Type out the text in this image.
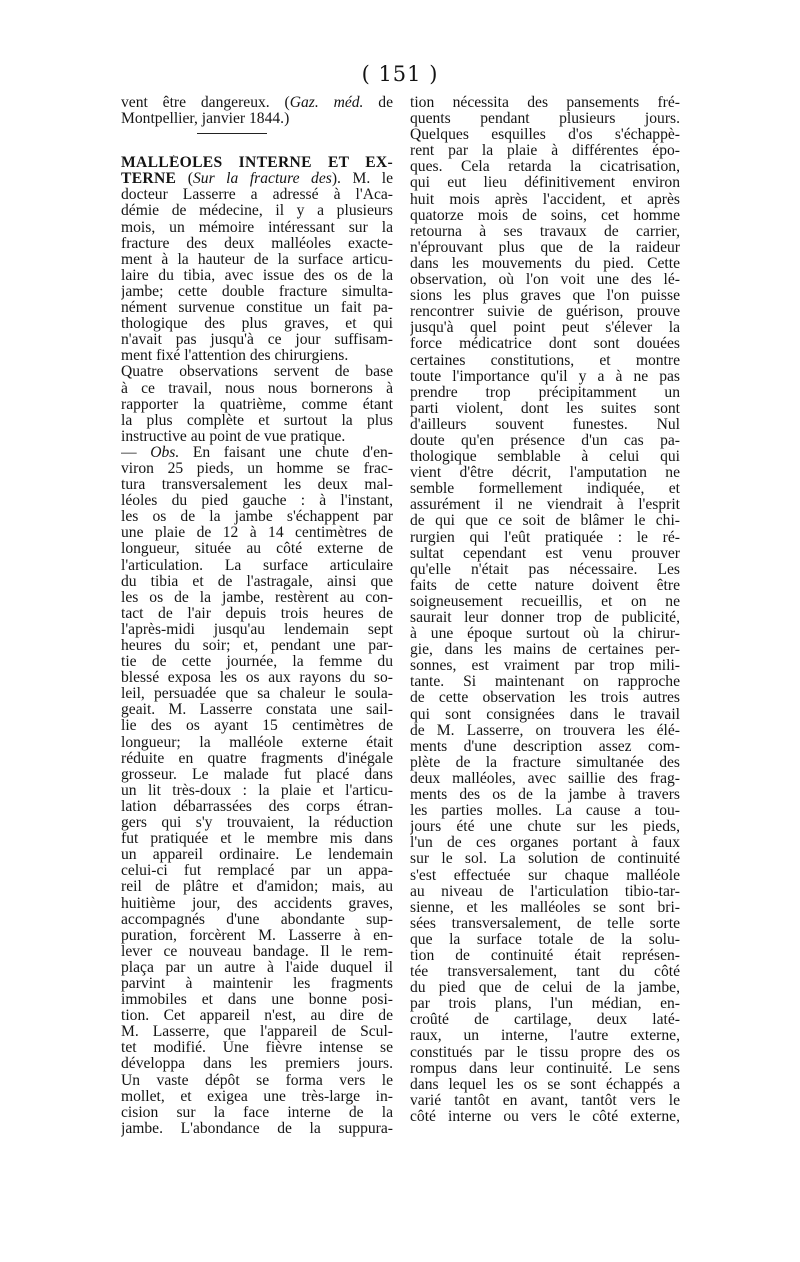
( 151 )
vent être dangereux. (Gaz. méd. de
Montpellier, janvier 1844.)
MALLÉOLES INTERNE ET EX-
TERNE (Sur la fracture des). M. le
docteur Lasserre a adressé à l'Aca-
démie de médecine, il y a plusieurs
mois, un mémoire intéressant sur la
fracture des deux malléoles exacte-
ment à la hauteur de la surface articu-
laire du tibia, avec issue des os de la
jambe; cette double fracture simulta-
nément survenue constitue un fait pa-
thologique des plus graves, et qui
n'avait pas jusqu'à ce jour suffisam-
ment fixé l'attention des chirurgiens.
Quatre observations servent de base
à ce travail, nous nous bornerons à
rapporter la quatrième, comme étant
la plus complète et surtout la plus
instructive au point de vue pratique.
— Obs. En faisant une chute d'en-
viron 25 pieds, un homme se frac-
tura transversalement les deux mal-
léoles du pied gauche : à l'instant,
les os de la jambe s'échappent par
une plaie de 12 à 14 centimètres de
longueur, située au côté externe de
l'articulation. La surface articulaire
du tibia et de l'astragale, ainsi que
les os de la jambe, restèrent au con-
tact de l'air depuis trois heures de
l'après-midi jusqu'au lendemain sept
heures du soir; et, pendant une par-
tie de cette journée, la femme du
blessé exposa les os aux rayons du so-
leil, persuadée que sa chaleur le soula-
geait. M. Lasserre constata une sail-
lie des os ayant 15 centimètres de
longueur; la malléole externe était
réduite en quatre fragments d'inégale
grosseur. Le malade fut placé dans
un lit très-doux : la plaie et l'articu-
lation débarrassées des corps étran-
gers qui s'y trouvaient, la réduction
fut pratiquée et le membre mis dans
un appareil ordinaire. Le lendemain
celui-ci fut remplacé par un appa-
reil de plâtre et d'amidon; mais, au
huitième jour, des accidents graves,
accompagnés d'une abondante sup-
puration, forcèrent M. Lasserre à en-
lever ce nouveau bandage. Il le rem-
plaça par un autre à l'aide duquel il
parvint à maintenir les fragments
immobiles et dans une bonne posi-
tion. Cet appareil n'est, au dire de
M. Lasserre, que l'appareil de Scul-
tet modifié. Une fièvre intense se
développa dans les premiers jours.
Un vaste dépôt se forma vers le
mollet, et exigea une très-large in-
cision sur la face interne de la
jambe. L'abondance de la suppura-
tion nécessita des pansements fré-
quents pendant plusieurs jours.
Quelques esquilles d'os s'échappè-
rent par la plaie à différentes épo-
ques. Cela retarda la cicatrisation,
qui eut lieu définitivement environ
huit mois après l'accident, et après
quatorze mois de soins, cet homme
retourna à ses travaux de carrier,
n'éprouvant plus que de la raideur
dans les mouvements du pied. Cette
observation, où l'on voit une des lé-
sions les plus graves que l'on puisse
rencontrer suivie de guérison, prouve
jusqu'à quel point peut s'élever la
force médicatrice dont sont douées
certaines constitutions, et montre
toute l'importance qu'il y a à ne pas
prendre trop précipitamment un
parti violent, dont les suites sont
d'ailleurs souvent funestes. Nul
doute qu'en présence d'un cas pa-
thologique semblable à celui qui
vient d'être décrit, l'amputation ne
semble formellement indiquée, et
assurément il ne viendrait à l'esprit
de qui que ce soit de blâmer le chi-
rurgien qui l'eût pratiquée : le ré-
sultat cependant est venu prouver
qu'elle n'était pas nécessaire. Les
faits de cette nature doivent être
soigneusement recueillis, et on ne
saurait leur donner trop de publicité,
à une époque surtout où la chirur-
gie, dans les mains de certaines per-
sonnes, est vraiment par trop mili-
tante. Si maintenant on rapproche
de cette observation les trois autres
qui sont consignées dans le travail
de M. Lasserre, on trouvera les élé-
ments d'une description assez com-
plète de la fracture simultanée des
deux malléoles, avec saillie des frag-
ments des os de la jambe à travers
les parties molles. La cause a tou-
jours été une chute sur les pieds,
l'un de ces organes portant à faux
sur le sol. La solution de continuité
s'est effectuée sur chaque malléole
au niveau de l'articulation tibio-tar-
sienne, et les malléoles se sont bri-
sées transversalement, de telle sorte
que la surface totale de la solu-
tion de continuité était représen-
tée transversalement, tant du côté
du pied que de celui de la jambe,
par trois plans, l'un médian, en-
croûté de cartilage, deux laté-
raux, un interne, l'autre externe,
constitués par le tissu propre des os
rompus dans leur continuité. Le sens
dans lequel les os se sont échappés a
varié tantôt en avant, tantôt vers le
côté interne ou vers le côté externe,
